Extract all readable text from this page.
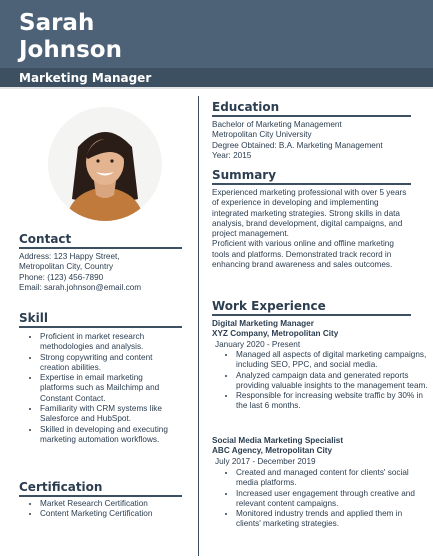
Sarah
Johnson
Marketing Manager
Contact
Address: 123 Happy Street,
Metropolitan City, Country
Phone: (123) 456-7890
Email: sarah.johnson@email.com
Skill
• Proficient in market research methodologies and analysis.
• Strong copywriting and content creation abilities.
• Expertise in email marketing platforms such as Mailchimp and Constant Contact.
• Familiarity with CRM systems like Salesforce and HubSpot.
• Skilled in developing and executing marketing automation workflows.
Certification
• Market Research Certification
• Content Marketing Certification
Education
Bachelor of Marketing Management
Metropolitan City University
Degree Obtained: B.A. Marketing Management
Year: 2015
Summary
Experienced marketing professional with over 5 years of experience in developing and implementing integrated marketing strategies. Strong skills in data analysis, brand development, digital campaigns, and project management.
Proficient with various online and offline marketing tools and platforms. Demonstrated track record in enhancing brand awareness and sales outcomes.
Work Experience
Digital Marketing Manager
XYZ Company, Metropolitan City
January 2020 - Present
• Managed all aspects of digital marketing campaigns, including SEO, PPC, and social media.
• Analyzed campaign data and generated reports providing valuable insights to the management team.
• Responsible for increasing website traffic by 30% in the last 6 months.
Social Media Marketing Specialist
ABC Agency, Metropolitan City
July 2017 - December 2019
• Created and managed content for clients' social media platforms.
• Increased user engagement through creative and relevant content campaigns.
• Monitored industry trends and applied them in clients' marketing strategies.
